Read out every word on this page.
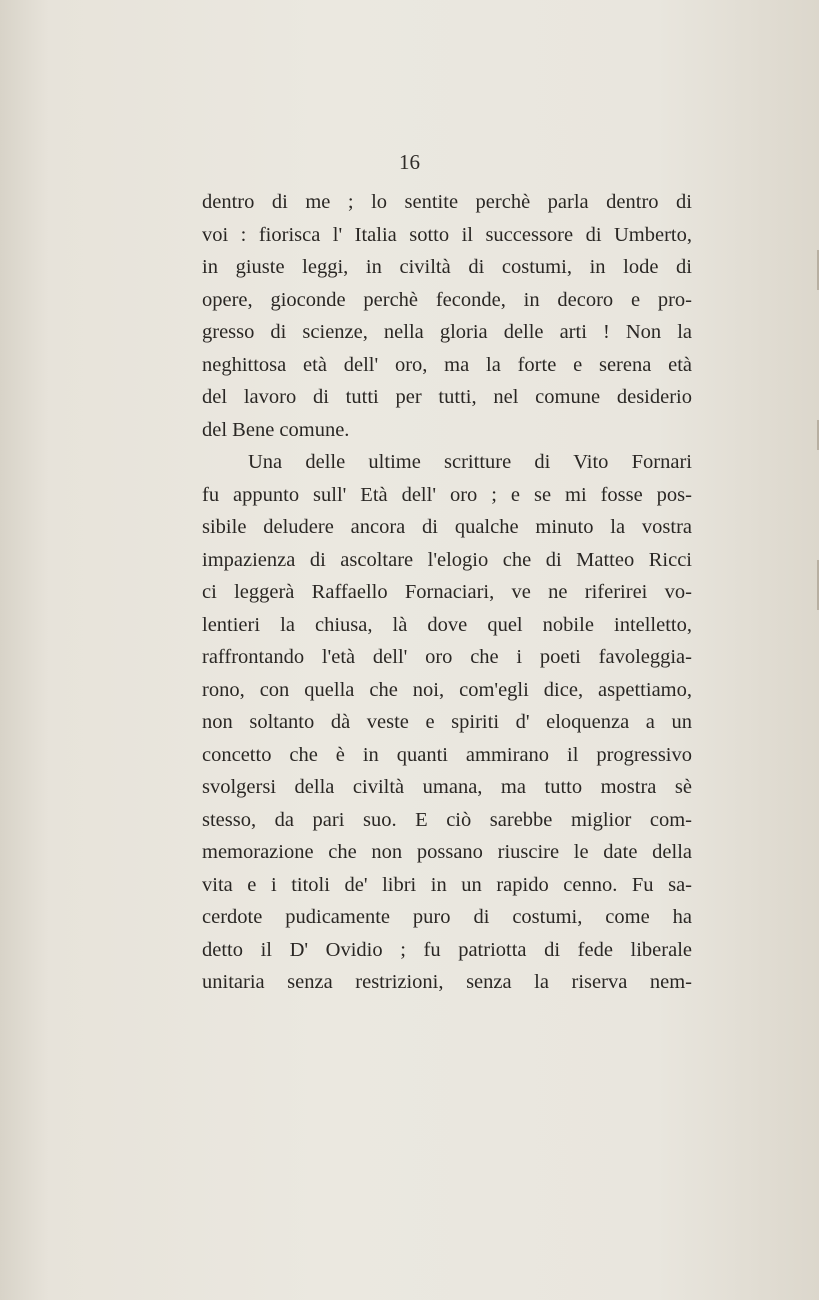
16
dentro di me ; lo sentite perchè parla dentro di
voi : fiorisca l' Italia sotto il successore di Umberto,
in giuste leggi, in civiltà di costumi, in lode di
opere, gioconde perchè feconde, in decoro e pro-
gresso di scienze, nella gloria delle arti ! Non la
neghittosa età dell' oro, ma la forte e serena età
del lavoro di tutti per tutti, nel comune desiderio
del Bene comune.
Una delle ultime scritture di Vito Fornari
fu appunto sull' Età dell' oro ; e se mi fosse pos-
sibile deludere ancora di qualche minuto la vostra
impazienza di ascoltare l'elogio che di Matteo Ricci
ci leggerà Raffaello Fornaciari, ve ne riferirei vo-
lentieri la chiusa, là dove quel nobile intelletto,
raffrontando l'età dell' oro che i poeti favoleggia-
rono, con quella che noi, com'egli dice, aspettiamo,
non soltanto dà veste e spiriti d' eloquenza a un
concetto che è in quanti ammirano il progressivo
svolgersi della civiltà umana, ma tutto mostra sè
stesso, da pari suo. E ciò sarebbe miglior com-
memorazione che non possano riuscire le date della
vita e i titoli de' libri in un rapido cenno. Fu sa-
cerdote pudicamente puro di costumi, come ha
detto il D' Ovidio ; fu patriotta di fede liberale
unitaria senza restrizioni, senza la riserva nem-
